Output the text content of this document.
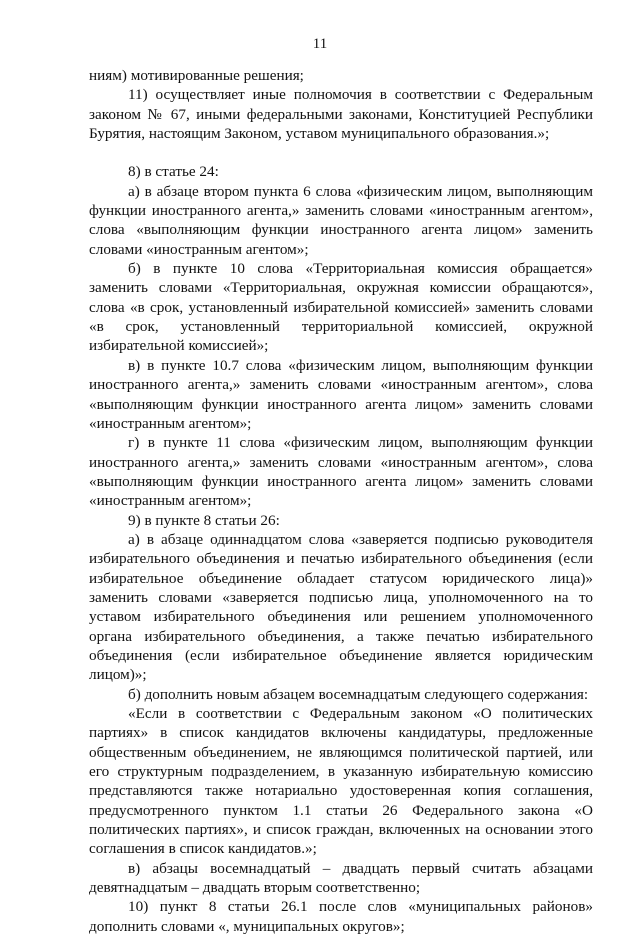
11

ниям) мотивированные решения;

11) осуществляет иные полномочия в соответствии с Федеральным законом № 67, иными федеральными законами, Конституцией Республики Бурятия, настоящим Законом, уставом муниципального образования.»;

8) в статье 24:

а) в абзаце втором пункта 6 слова «физическим лицом, выполняющим функции иностранного агента,» заменить словами «иностранным агентом», слова «выполняющим функции иностранного агента лицом» заменить словами «иностранным агентом»;

б) в пункте 10 слова «Территориальная комиссия обращается» заменить словами «Территориальная, окружная комиссии обращаются», слова «в срок, установленный избирательной комиссией» заменить словами «в срок, установленный территориальной комиссией, окружной избирательной комиссией»;

в) в пункте 10.7 слова «физическим лицом, выполняющим функции иностранного агента,» заменить словами «иностранным агентом», слова «выполняющим функции иностранного агента лицом» заменить словами «иностранным агентом»;

г) в пункте 11 слова «физическим лицом, выполняющим функции иностранного агента,» заменить словами «иностранным агентом», слова «выполняющим функции иностранного агента лицом» заменить словами «иностранным агентом»;

9) в пункте 8 статьи 26:

а) в абзаце одиннадцатом слова «заверяется подписью руководителя избирательного объединения и печатью избирательного объединения (если избирательное объединение обладает статусом юридического лица)» заменить словами «заверяется подписью лица, уполномоченного на то уставом избирательного объединения или решением уполномоченного органа избирательного объединения, а также печатью избирательного объединения (если избирательное объединение является юридическим лицом)»;

б) дополнить новым абзацем восемнадцатым следующего содержания:

«Если в соответствии с Федеральным законом «О политических партиях» в список кандидатов включены кандидатуры, предложенные общественным объединением, не являющимся политической партией, или его структурным подразделением, в указанную избирательную комиссию представляются также нотариально удостоверенная копия соглашения, предусмотренного пунктом 1.1 статьи 26 Федерального закона «О политических партиях», и список граждан, включенных на основании этого соглашения в список кандидатов.»;

в) абзацы восемнадцатый – двадцать первый считать абзацами девятнадцатым – двадцать вторым соответственно;

10) пункт 8 статьи 26.1 после слов «муниципальных районов» дополнить словами «, муниципальных округов»;
